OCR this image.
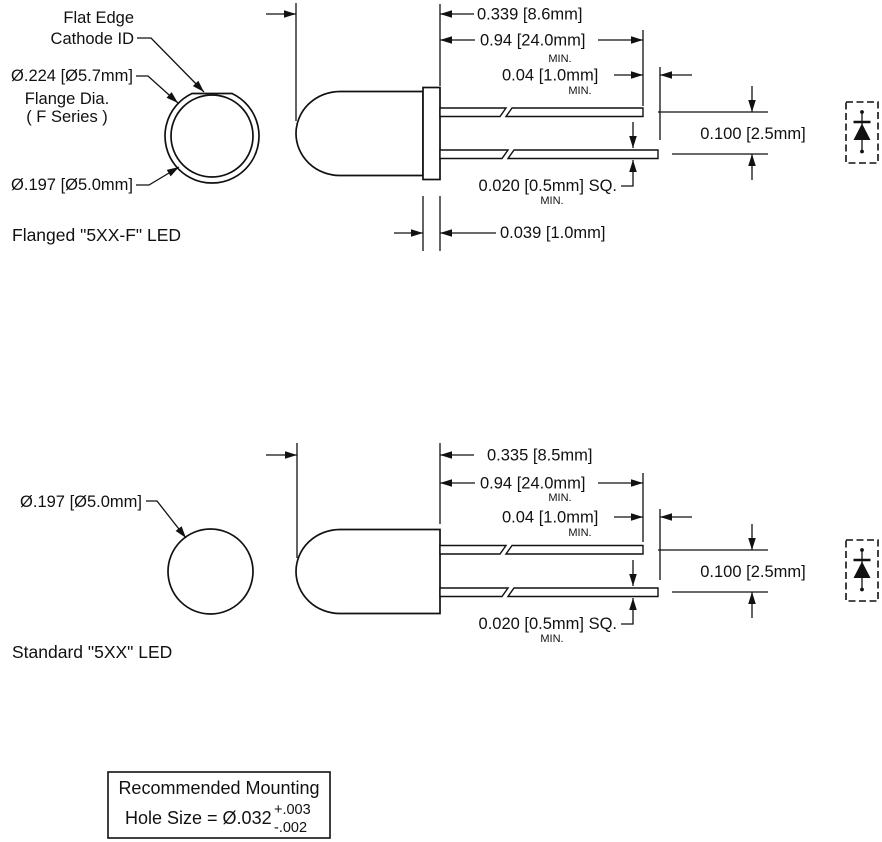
Flat Edge
Cathode ID
Ø.224 [Ø5.7mm]
Flange Dia.
( F Series )
Ø.197 [Ø5.0mm]
Flanged "5XX-F" LED
0.339 [8.6mm]
0.94 [24.0mm]
MIN.
0.04 [1.0mm]
MIN.
0.020 [0.5mm] SQ.
MIN.
0.100 [2.5mm]
0.039 [1.0mm]
Ø.197 [Ø5.0mm]
Standard "5XX" LED
0.335 [8.5mm]
0.94 [24.0mm]
MIN.
0.04 [1.0mm]
MIN.
0.020 [0.5mm] SQ.
MIN.
0.100 [2.5mm]
Recommended Mounting
Hole Size = Ø.032 +.003
-.002
